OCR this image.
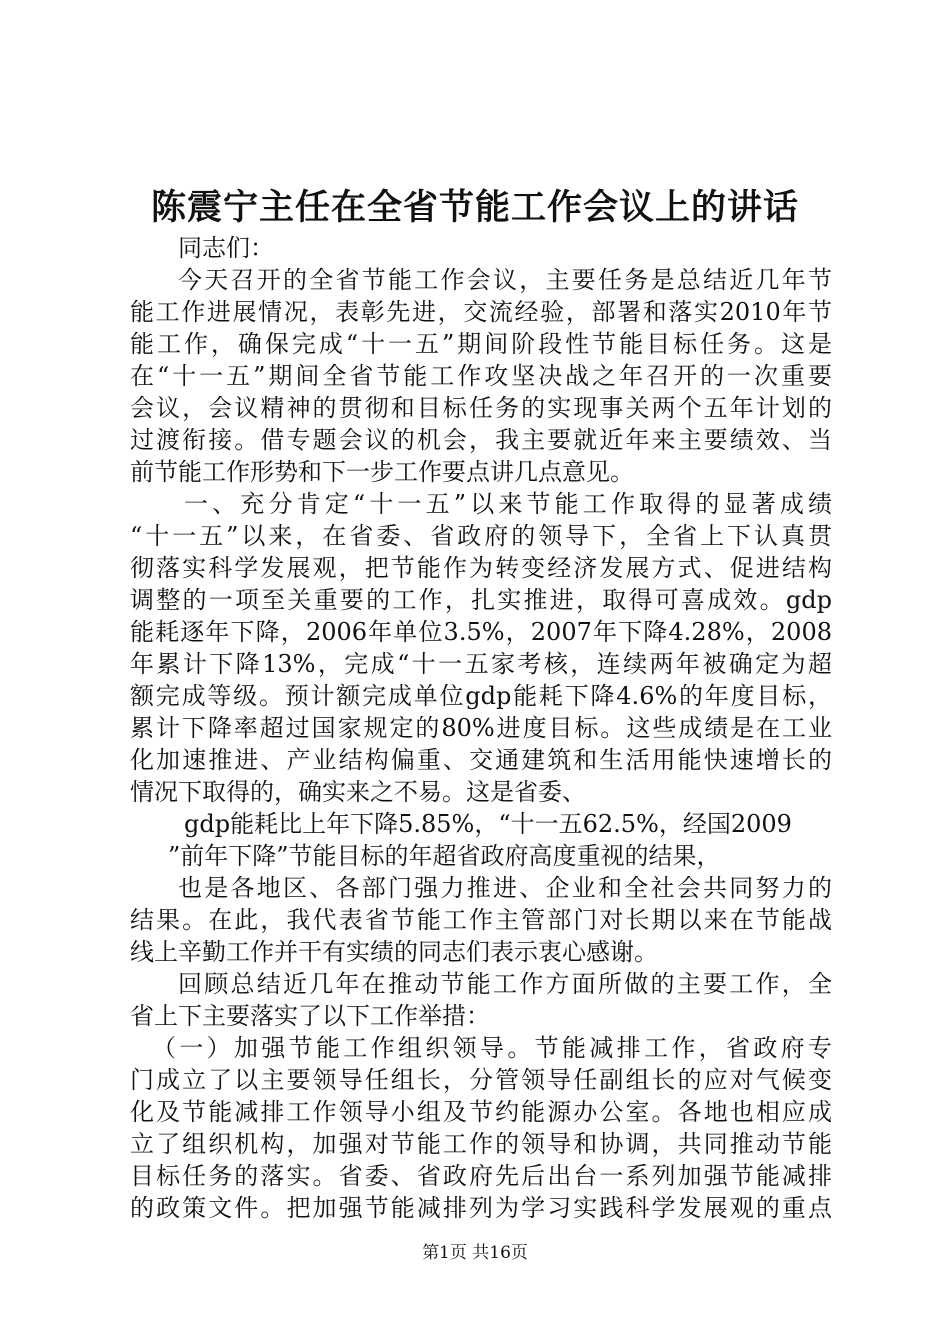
陈震宁主任在全省节能工作会议上的讲话
同志们：
今天召开的全省节能工作会议，主要任务是总结近几年节
能工作进展情况，表彰先进，交流经验，部署和落实2010年节
能工作，确保完成“十一五”期间阶段性节能目标任务。这是
在“十一五”期间全省节能工作攻坚决战之年召开的一次重要
会议，会议精神的贯彻和目标任务的实现事关两个五年计划的
过渡衔接。借专题会议的机会，我主要就近年来主要绩效、当
前节能工作形势和下一步工作要点讲几点意见。
一、充分肯定“十一五”以来节能工作取得的显著成绩
“十一五”以来，在省委、省政府的领导下，全省上下认真贯
彻落实科学发展观，把节能作为转变经济发展方式、促进结构
调整的一项至关重要的工作，扎实推进，取得可喜成效。gdp
能耗逐年下降，2006年单位3.5%，2007年下降4.28%，2008
年累计下降13%，完成“十一五家考核，连续两年被确定为超
额完成等级。预计额完成单位gdp能耗下降4.6%的年度目标，
累计下降率超过国家规定的80%进度目标。这些成绩是在工业
化加速推进、产业结构偏重、交通建筑和生活用能快速增长的
情况下取得的，确实来之不易。这是省委、
gdp能耗比上年下降5.85%，“十一五62.5%，经国2009
”前年下降”节能目标的年超省政府高度重视的结果，
也是各地区、各部门强力推进、企业和全社会共同努力的
结果。在此，我代表省节能工作主管部门对长期以来在节能战
线上辛勤工作并干有实绩的同志们表示衷心感谢。
回顾总结近几年在推动节能工作方面所做的主要工作，全
省上下主要落实了以下工作举措：
（一）加强节能工作组织领导。节能减排工作，省政府专
门成立了以主要领导任组长，分管领导任副组长的应对气候变
化及节能减排工作领导小组及节约能源办公室。各地也相应成
立了组织机构，加强对节能工作的领导和协调，共同推动节能
目标任务的落实。省委、省政府先后出台一系列加强节能减排
的政策文件。把加强节能减排列为学习实践科学发展观的重点
第1页 共16页
